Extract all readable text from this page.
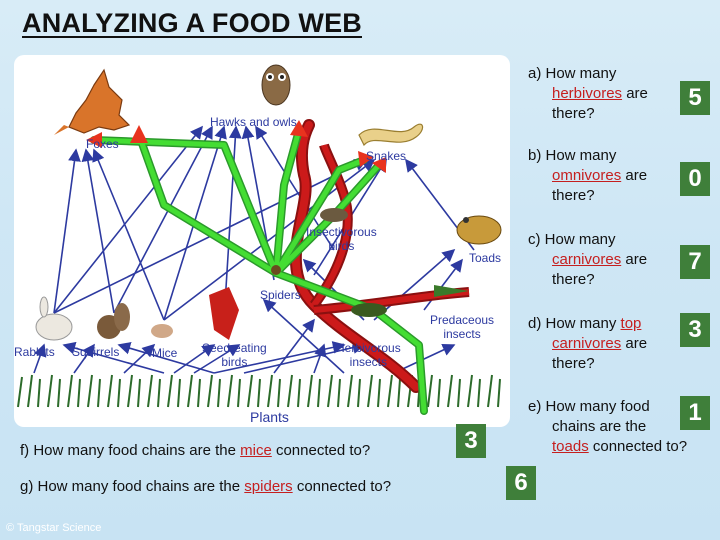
ANALYZING A FOOD WEB
Hawks and owls
Foxes
Snakes
Insectivorous
birds
Toads
Spiders
Predaceous
insects
Rabbits Squirrels	Mice Seed-eating
birds
Herbivorous
insects
Plants
a) How many
herbivores are
there?
5
b) How many
omnivores are
there?
0
c) How many
carnivores are
there?
7
d) How many top
carnivores are
there?
3
e) How many food
chains are the
toads connected to?
1
f) How many food chains are the mice connected to?	3
g) How many food chains are the spiders connected to?	6
© Tangstar Science
